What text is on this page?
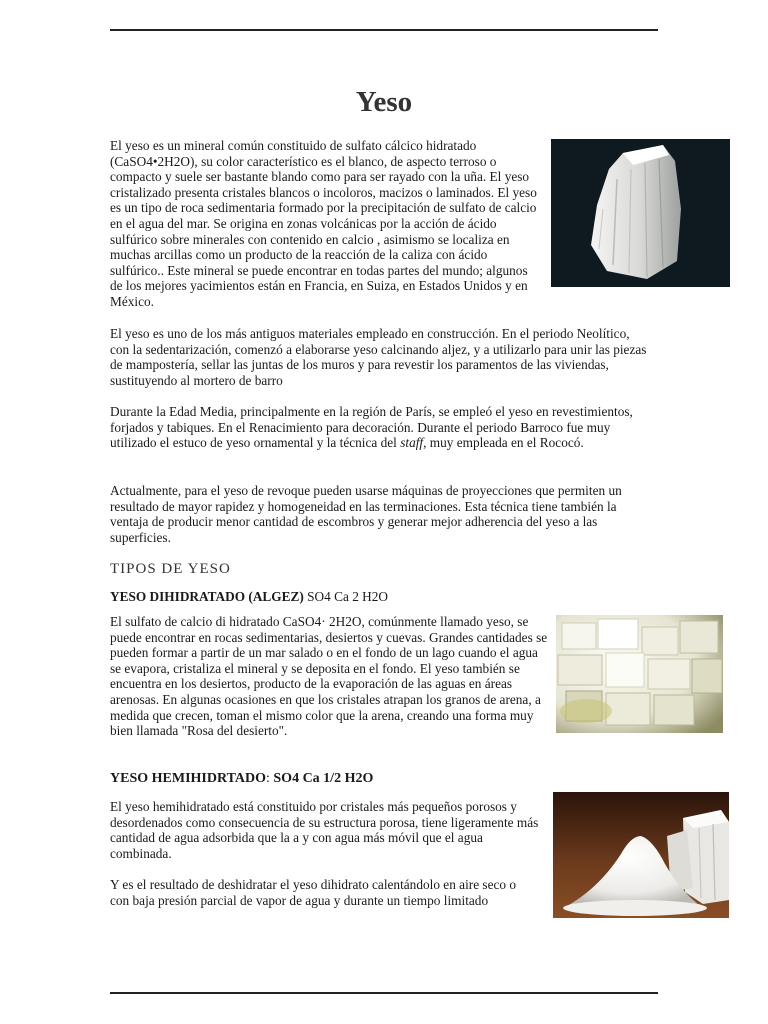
Yeso

El yeso es un mineral común constituido de sulfato cálcico hidratado (CaSO4•2H2O), su color característico es el blanco, de aspecto terroso o compacto y suele ser bastante blando como para ser rayado con la uña. El yeso cristalizado presenta cristales blancos o incoloros, macizos o laminados. El yeso es un tipo de roca sedimentaria formado por la precipitación de sulfato de calcio en el agua del mar. Se origina en zonas volcánicas por la acción de ácido sulfúrico sobre minerales con contenido en calcio , asimismo se localiza en muchas arcillas como un producto de la reacción de la caliza con ácido sulfúrico.. Este mineral se puede encontrar en todas partes del mundo; algunos de los mejores yacimientos están en Francia, en Suiza, en Estados Unidos y en México.

El yeso es uno de los más antiguos materiales empleado en construcción. En el periodo Neolítico, con la sedentarización, comenzó a elaborarse yeso calcinando aljez, y a utilizarlo para unir las piezas de mampostería, sellar las juntas de los muros y para revestir los paramentos de las viviendas, sustituyendo al mortero de barro

Durante la Edad Media, principalmente en la región de París, se empleó el yeso en revestimientos, forjados y tabiques. En el Renacimiento para decoración. Durante el periodo Barroco fue muy utilizado el estuco de yeso ornamental y la técnica del staff, muy empleada en el Rococó.

Actualmente, para el yeso de revoque pueden usarse máquinas de proyecciones que permiten un resultado de mayor rapidez y homogeneidad en las terminaciones. Esta técnica tiene también la ventaja de producir menor cantidad de escombros y generar mejor adherencia del yeso a las superficies.

TIPOS DE YESO
YESO DIHIDRATADO (ALGEZ) SO4 Ca 2 H2O

El sulfato de calcio di hidratado CaSO4· 2H2O, comúnmente llamado yeso, se puede encontrar en rocas sedimentarias, desiertos y cuevas. Grandes cantidades se pueden formar a partir de un mar salado o en el fondo de un lago cuando el agua se evapora, cristaliza el mineral y se deposita en el fondo. El yeso también se encuentra en los desiertos, producto de la evaporación de las aguas en áreas arenosas. En algunas ocasiones en que los cristales atrapan los granos de arena, a medida que crecen, toman el mismo color que la arena, creando una forma muy bien llamada "Rosa del desierto".

YESO HEMIHIDRTADO: SO4 Ca 1/2 H2O

El yeso hemihidratado está constituido por cristales más pequeños porosos y desordenados como consecuencia de su estructura porosa, tiene ligeramente más cantidad de agua adsorbida que la a y con agua más móvil que el agua combinada.

Y es el resultado de deshidratar el yeso dihidrato calentándolo en aire seco o con baja presión parcial de vapor de agua y durante un tiempo limitado
